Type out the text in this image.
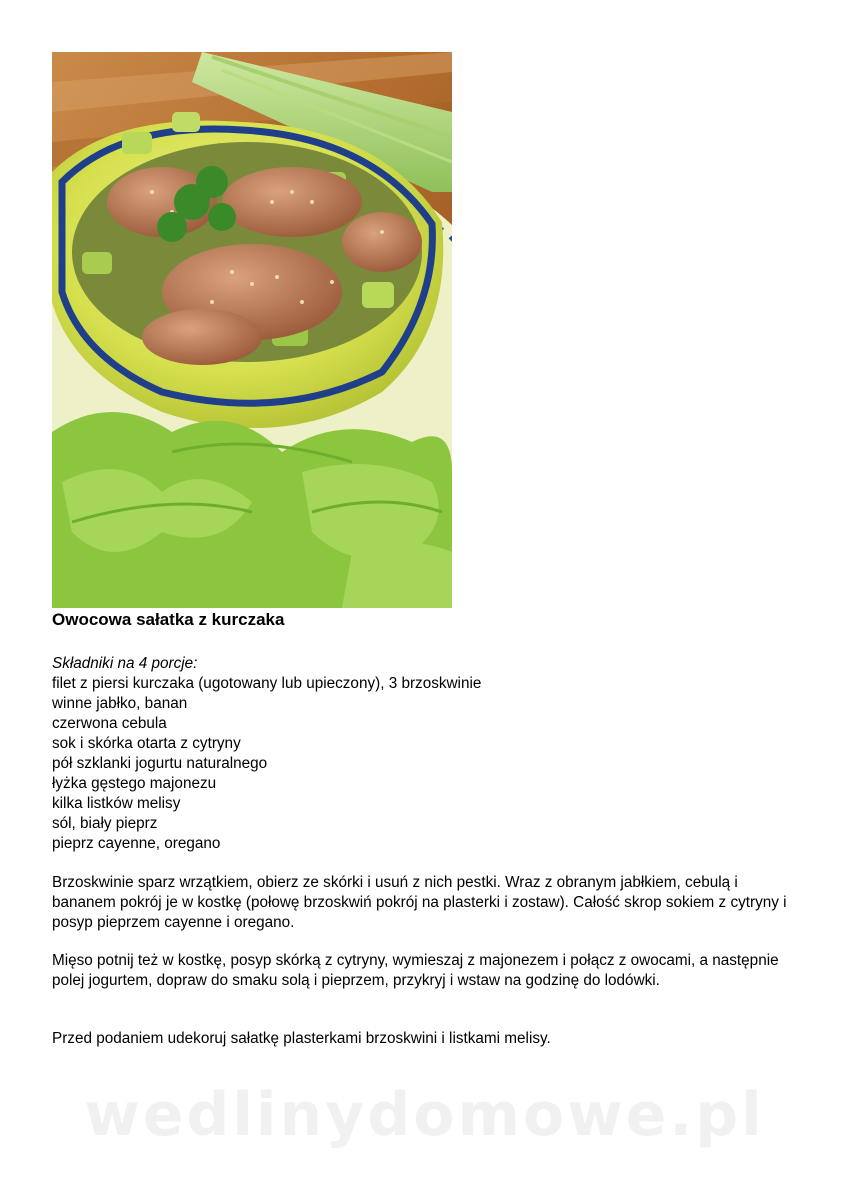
Owocowa sałatka z kurczaka
Składniki na 4 porcje:
filet z piersi kurczaka (ugotowany lub upieczony), 3 brzoskwinie
winne jabłko, banan
czerwona cebula
sok i skórka otarta z cytryny
pół szklanki jogurtu naturalnego
łyżka gęstego majonezu
kilka listków melisy
sól, biały pieprz
pieprz cayenne, oregano

Brzoskwinie sparz wrzątkiem, obierz ze skórki i usuń z nich pestki. Wraz z obranym jabłkiem, cebulą i bananem pokrój je w kostkę (połowę brzoskwiń pokrój na plasterki i zostaw). Całość skrop sokiem z cytryny i posyp pieprzem cayenne i oregano.

Mięso potnij też w kostkę, posyp skórką z cytryny, wymieszaj z majonezem i połącz z owocami, a następnie polej jogurtem, dopraw do smaku solą i pieprzem, przykryj i wstaw na godzinę do lodówki.

Przed podaniem udekoruj sałatkę plasterkami brzoskwini i listkami melisy.

wedlinydomowe.pl
